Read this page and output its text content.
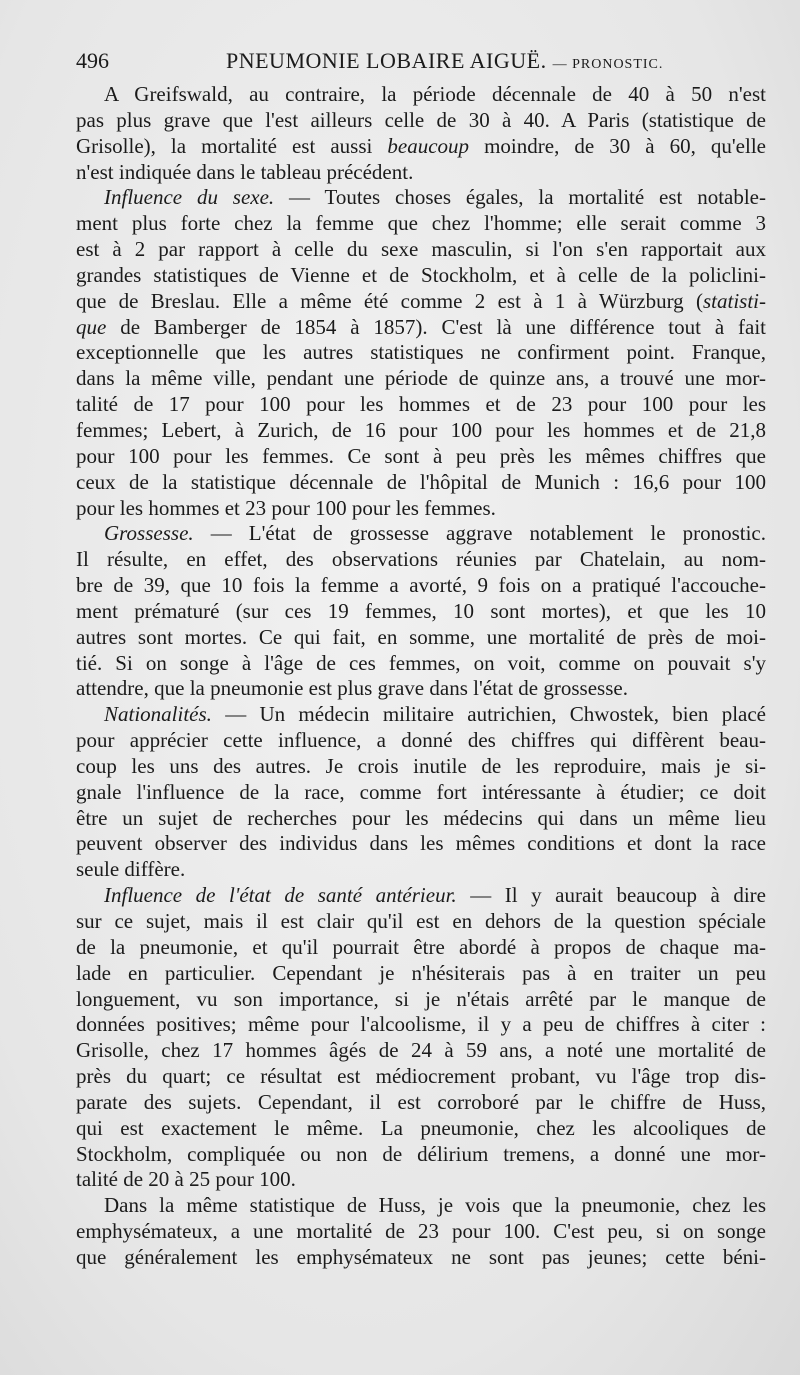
496	PNEUMONIE LOBAIRE AIGUË. — PRONOSTIC.
A Greifswald, au contraire, la période décennale de 40 à 50 n'est
pas plus grave que l'est ailleurs celle de 30 à 40. A Paris (statistique de
Grisolle), la mortalité est aussi beaucoup moindre, de 30 à 60, qu'elle
n'est indiquée dans le tableau précédent.
Influence du sexe. — Toutes choses égales, la mortalité est notable-
ment plus forte chez la femme que chez l'homme; elle serait comme 3
est à 2 par rapport à celle du sexe masculin, si l'on s'en rapportait aux
grandes statistiques de Vienne et de Stockholm, et à celle de la policlini-
que de Breslau. Elle a même été comme 2 est à 1 à Würzburg (statisti-
que de Bamberger de 1854 à 1857). C'est là une différence tout à fait
exceptionnelle que les autres statistiques ne confirment point. Franque,
dans la même ville, pendant une période de quinze ans, a trouvé une mor-
talité de 17 pour 100 pour les hommes et de 23 pour 100 pour les
femmes; Lebert, à Zurich, de 16 pour 100 pour les hommes et de 21,8
pour 100 pour les femmes. Ce sont à peu près les mêmes chiffres que
ceux de la statistique décennale de l'hôpital de Munich : 16,6 pour 100
pour les hommes et 23 pour 100 pour les femmes.
Grossesse. — L'état de grossesse aggrave notablement le pronostic.
Il résulte, en effet, des observations réunies par Chatelain, au nom-
bre de 39, que 10 fois la femme a avorté, 9 fois on a pratiqué l'accouche-
ment prématuré (sur ces 19 femmes, 10 sont mortes), et que les 10
autres sont mortes. Ce qui fait, en somme, une mortalité de près de moi-
tié. Si on songe à l'âge de ces femmes, on voit, comme on pouvait s'y
attendre, que la pneumonie est plus grave dans l'état de grossesse.
Nationalités. — Un médecin militaire autrichien, Chwostek, bien placé
pour apprécier cette influence, a donné des chiffres qui diffèrent beau-
coup les uns des autres. Je crois inutile de les reproduire, mais je si-
gnale l'influence de la race, comme fort intéressante à étudier; ce doit
être un sujet de recherches pour les médecins qui dans un même lieu
peuvent observer des individus dans les mêmes conditions et dont la race
seule diffère.
Influence de l'état de santé antérieur. — Il y aurait beaucoup à dire
sur ce sujet, mais il est clair qu'il est en dehors de la question spéciale
de la pneumonie, et qu'il pourrait être abordé à propos de chaque ma-
lade en particulier. Cependant je n'hésiterais pas à en traiter un peu
longuement, vu son importance, si je n'étais arrêté par le manque de
données positives; même pour l'alcoolisme, il y a peu de chiffres à citer :
Grisolle, chez 17 hommes âgés de 24 à 59 ans, a noté une mortalité de
près du quart; ce résultat est médiocrement probant, vu l'âge trop dis-
parate des sujets. Cependant, il est corroboré par le chiffre de Huss,
qui est exactement le même. La pneumonie, chez les alcooliques de
Stockholm, compliquée ou non de délirium tremens, a donné une mor-
talité de 20 à 25 pour 100.
Dans la même statistique de Huss, je vois que la pneumonie, chez les
emphysémateux, a une mortalité de 23 pour 100. C'est peu, si on songe
que généralement les emphysémateux ne sont pas jeunes; cette béni-
